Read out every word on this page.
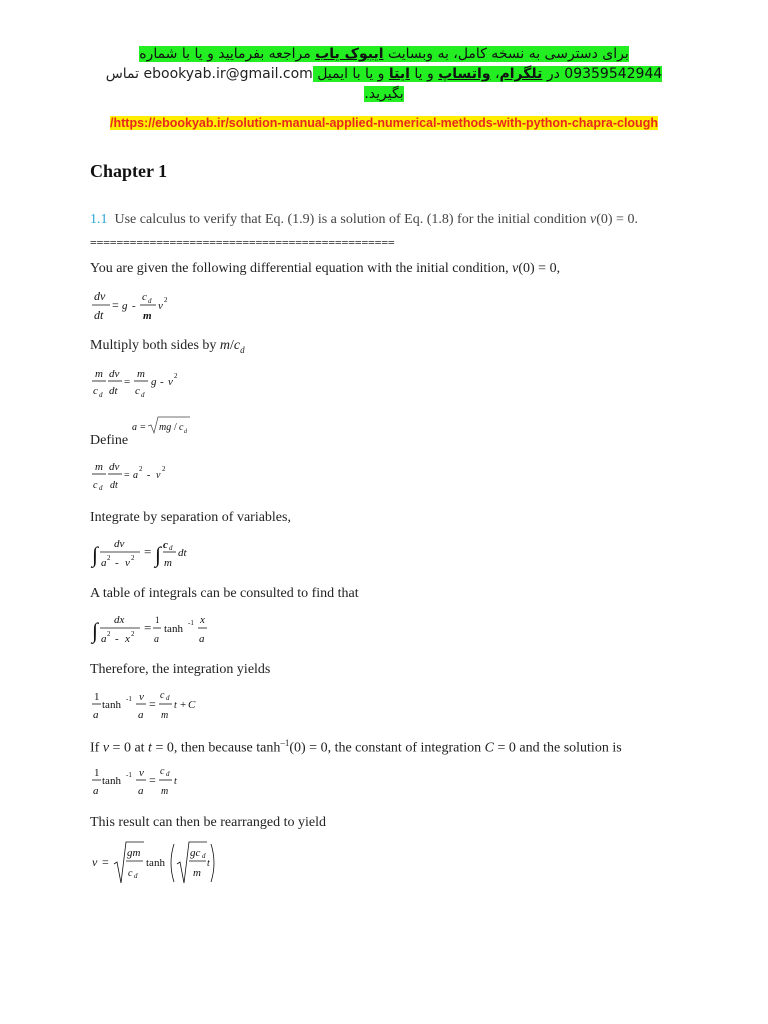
برای دسترسی به نسخه کامل، به وبسایت ایبوک یاب مراجعه بفرمایید و یا با شماره
09359542944 در تلگرام، واتساپ و یا ایتا و یا با ایمیل ebookyab.ir@gmail.com تماس
بگیرید.
/https://ebookyab.ir/solution-manual-applied-numerical-methods-with-python-chapra-clough
Chapter 1
1.1 Use calculus to verify that Eq. (1.9) is a solution of Eq. (1.8) for the initial condition v(0) = 0.
==============================================
You are given the following differential equation with the initial condition, v(0) = 0,
dv
dt
= g -
c d
m
v 2
Multiply both sides by $m/c_d$
m
c d
dv
dt
=
m
c d
g - v 2
a = mg / c d
Define
m
c d
dv
dt
= a
2
- v
2
Integrate by separation of variables,
∫ dv
a 2 - v 2 = ∫ c d
m
dt
A table of integrals can be consulted to find that
∫ dx
a 2 - x 2 = 1
a
tanh -1 x
a
Therefore, the integration yields
1
a
tanh -1 v
a
=
c d
m
t + C
If v = 0 at t = 0, then because $\tanh^{-1}(0) = 0$, the constant of integration C = 0 and the solution is
1
a
tanh -1 v
a
=
c d
m
t
This result can then be rearranged to yield
v =
gm
c d
tanh
gc d
m
t
